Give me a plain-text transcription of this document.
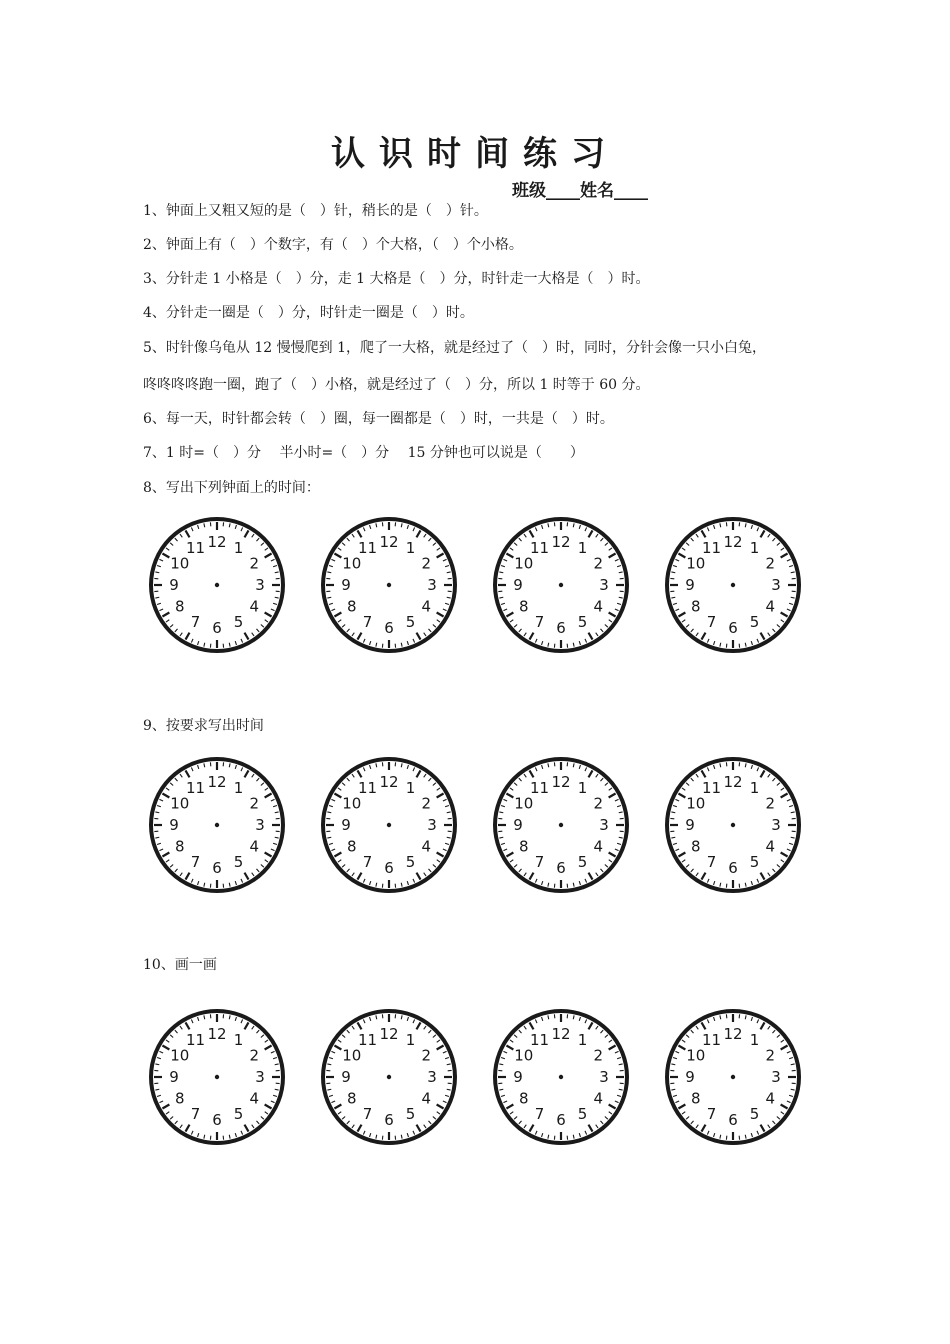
认识时间练习
班级____姓名____

1、钟面上又粗又短的是（　）针，稍长的是（　）针。

2、钟面上有（　）个数字，有（　）个大格，（　）个小格。

3、分针走 1 小格是（　）分，走 1 大格是（　）分，时针走一大格是（　）时。

4、分针走一圈是（　）分，时针走一圈是（　）时。

5、时针像乌龟从 12 慢慢爬到 1，爬了一大格，就是经过了（　）时，同时，分针会像一只小白兔，

咚咚咚咚跑一圈，跑了（　）小格，就是经过了（　）分，所以 1 时等于 60 分。

6、每一天，时针都会转（　）圈，每一圈都是（　）时，一共是（　）时。

7、1 时=（　）分　 半小时=（　）分　 15 分钟也可以说是（　　）

8、写出下列钟面上的时间：

12 1
2
3
4
5
6
7
8
9
10
11	12 1
2
3
4
5
6
7
8
9
10
11	12 1
2
3
4
5
6
7
8
9
10
11	12 1
2
3
4
5
6
7
8
9
10
11

9、按要求写出时间

12 1
2
3
4
5
6
7
8
9
10
11	12 1
2
3
4
5
6
7
8
9
10
11	12 1
2
3
4
5
6
7
8
9
10
11	12 1
2
3
4
5
6
7
8
9
10
11

10、画一画

12 1
2
3
4
5
6
7
8
9
10
11	12 1
2
3
4
5
6
7
8
9
10
11	12 1
2
3
4
5
6
7
8
9
10
11	12 1
2
3
4
5
6
7
8
9
10
11
